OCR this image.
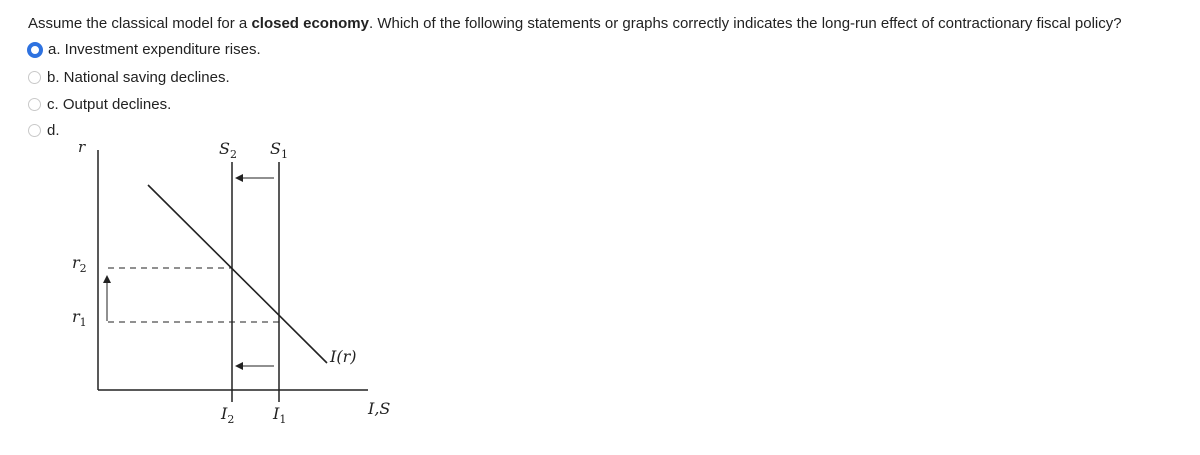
Assume the classical model for a closed economy. Which of the following statements or graphs correctly indicates the long-run effect of contractionary fiscal policy?
a. Investment expenditure rises.
b. National saving declines.
c. Output declines.
d.
r	$S_2$ $S_1$
$r_2$
$r_1$
$I_2$ $I_1$
I(r)
I,S
